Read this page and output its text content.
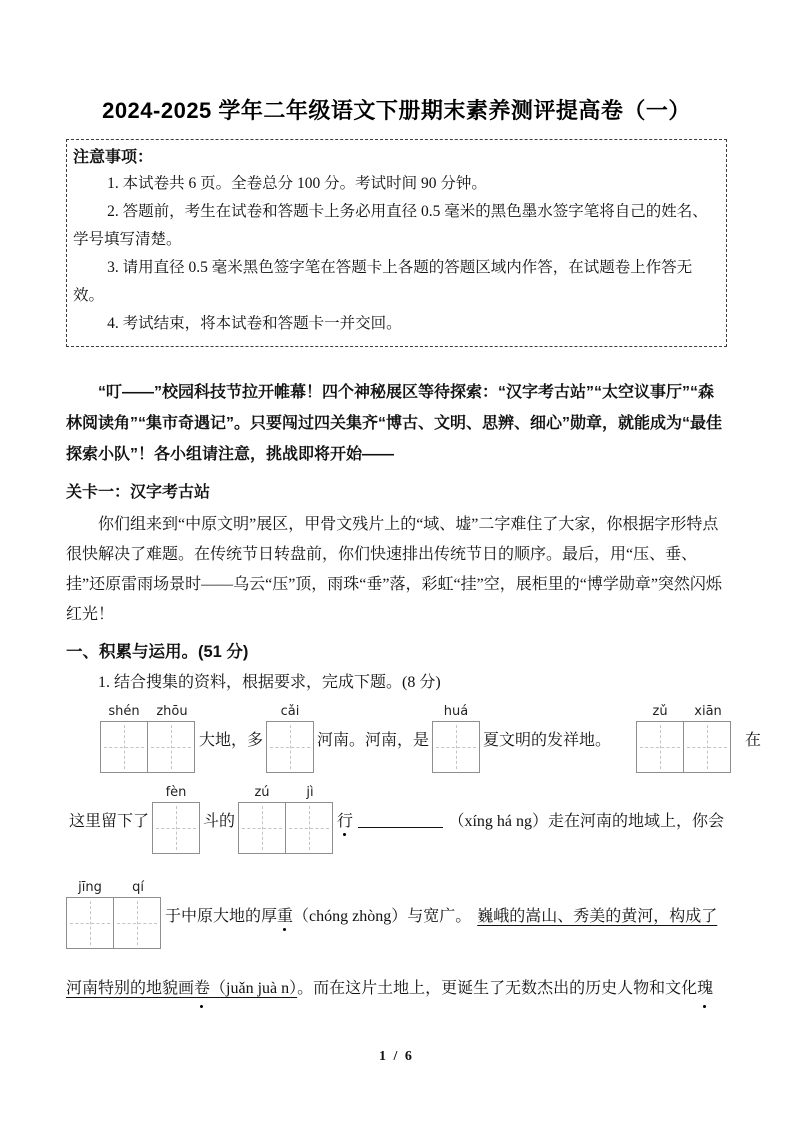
2024-2025 学年二年级语文下册期末素养测评提高卷（一）
注意事项：

1. 本试卷共 6 页。全卷总分 100 分。考试时间 90 分钟。

2. 答题前，考生在试卷和答题卡上务必用直径 0.5 毫米的黑色墨水签字笔将自己的姓名、学号填写清楚。

3. 请用直径 0.5 毫米黑色签字笔在答题卡上各题的答题区域内作答，在试题卷上作答无效。

4. 考试结束，将本试卷和答题卡一并交回。

“叮——”校园科技节拉开帷幕！四个神秘展区等待探索：“汉字考古站”“太空议事厅”“森林阅读角”“集市奇遇记”。只要闯过四关集齐“博古、文明、思辨、细心”勋章，就能成为“最佳探索小队”！各小组请注意，挑战即将开始——

关卡一：汉字考古站

你们组来到“中原文明”展区，甲骨文残片上的“域、墟”二字难住了大家，你根据字形特点很快解决了难题。在传统节日转盘前，你们快速排出传统节日的顺序。最后，用“压、垂、挂”还原雷雨场景时——乌云“压”顶，雨珠“垂”落，彩虹“挂”空，展柜里的“博学勋章”突然闪烁红光！

一、积累与运用。(51 分)

1. 结合搜集的资料，根据要求，完成下题。(8 分)

shén	zhōu
大地，多
cǎi
河南。河南，是
huá
夏文明的发祥地。
zǔ	xiān
在
这里留下了
fèn
斗的
zú	jì
行	（xíng há ng）走在河南的地域上，你会
jīng	qí
于中原大地的厚 重 （chóng zhòng）与宽广。 巍峨的嵩山、秀美的黄河，构成了

河南特别的地貌画卷（juǎn juà n）。而在这片土地上，更诞生了无数杰出的历史人物和文化瑰

1 / 6
